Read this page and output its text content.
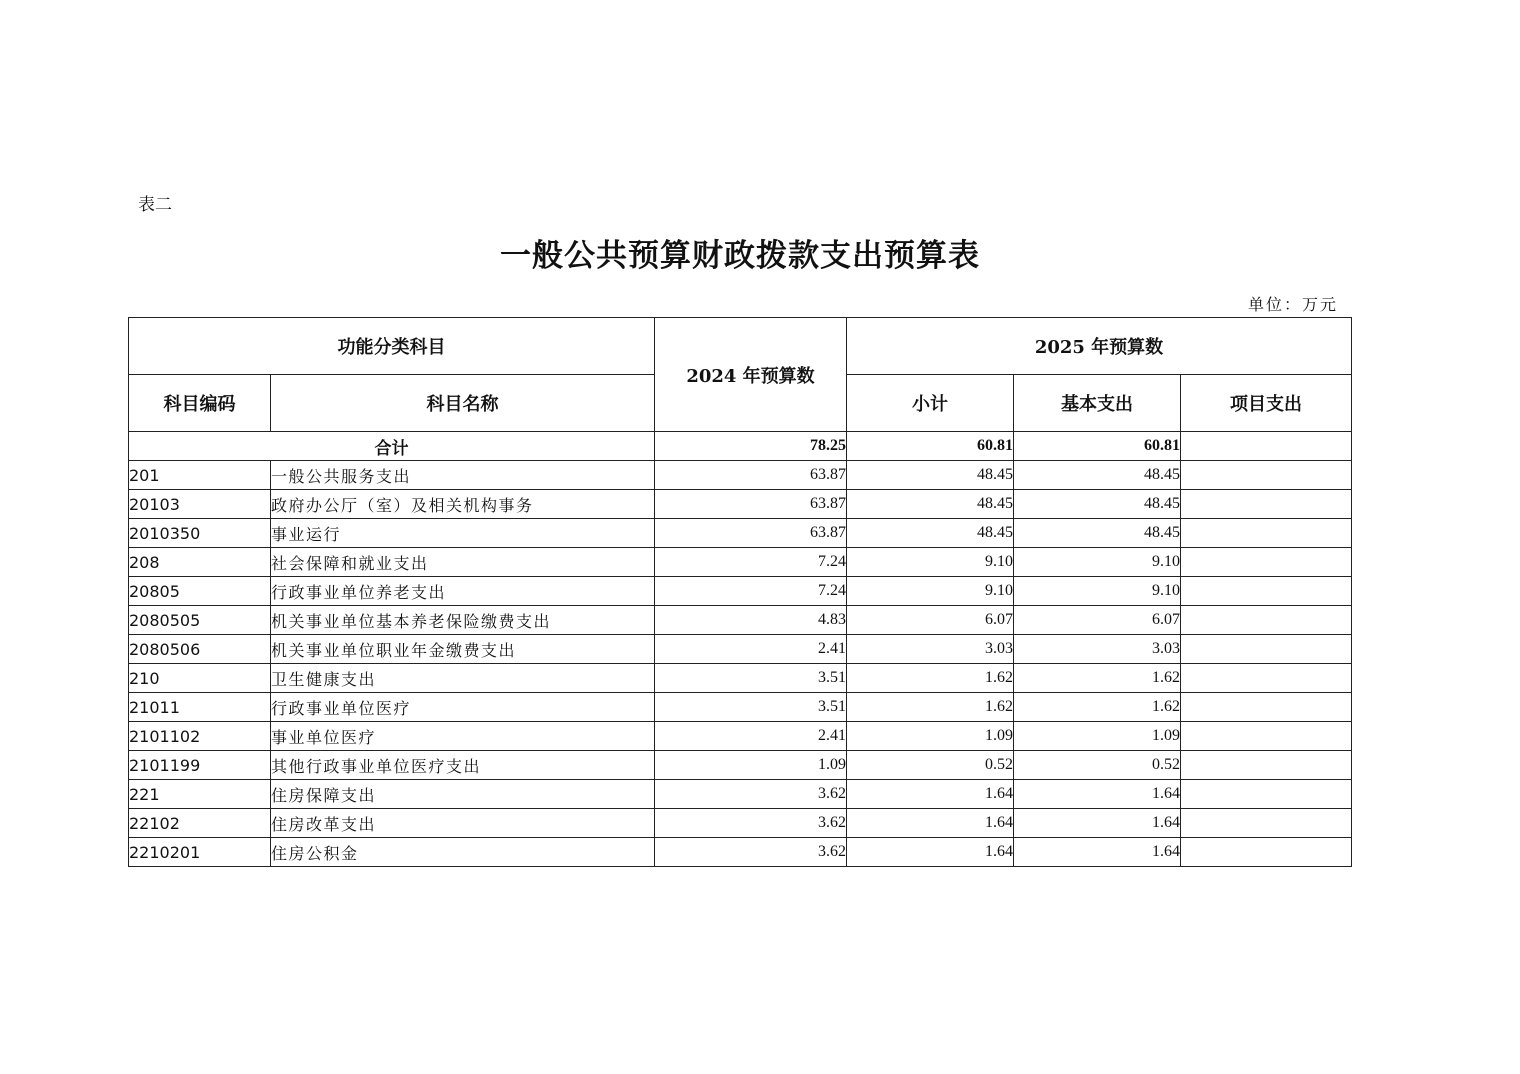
表二
一般公共预算财政拨款支出预算表
单位：万元
功能分类科目		2024 年预算数	2025 年预算数		
科目编码	科目名称		小计	基本支出	项目支出
合计		78.25	60.81	60.81	
201	一般公共服务支出	63.87	48.45	48.45	
20103	政府办公厅（室）及相关机构事务	63.87	48.45	48.45	
2010350	事业运行	63.87	48.45	48.45	
208	社会保障和就业支出	7.24	9.10	9.10	
20805	行政事业单位养老支出	7.24	9.10	9.10	
2080505	机关事业单位基本养老保险缴费支出	4.83	6.07	6.07	
2080506	机关事业单位职业年金缴费支出	2.41	3.03	3.03	
210	卫生健康支出	3.51	1.62	1.62	
21011	行政事业单位医疗	3.51	1.62	1.62	
2101102	事业单位医疗	2.41	1.09	1.09	
2101199	其他行政事业单位医疗支出	1.09	0.52	0.52	
221	住房保障支出	3.62	1.64	1.64	
22102	住房改革支出	3.62	1.64	1.64	
2210201	住房公积金	3.62	1.64	1.64	
